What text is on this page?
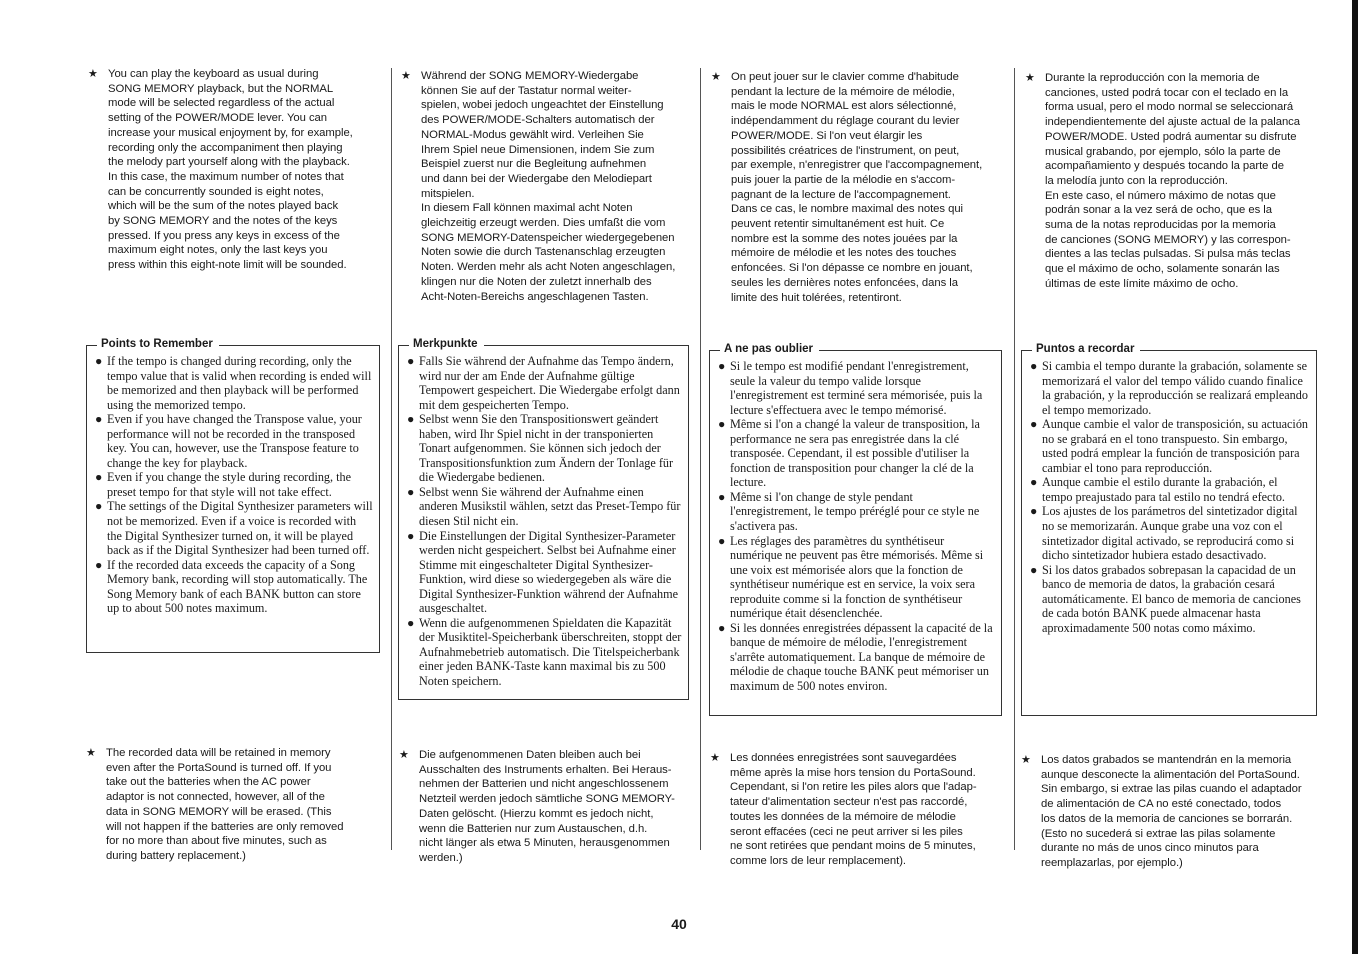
★ You can play the keyboard as usual during
SONG MEMORY playback, but the NORMAL
mode will be selected regardless of the actual
setting of the POWER/MODE lever. You can
increase your musical enjoyment by, for example,
recording only the accompaniment then playing
the melody part yourself along with the playback.
In this case, the maximum number of notes that
can be concurrently sounded is eight notes,
which will be the sum of the notes played back
by SONG MEMORY and the notes of the keys
pressed. If you press any keys in excess of the
maximum eight notes, only the last keys you
press within this eight-note limit will be sounded.

Points to Remember
● If the tempo is changed during recording, only the tempo value that is valid when recording is ended will be memorized and then playback will be performed using the memorized tempo.
● Even if you have changed the Transpose value, your performance will not be recorded in the transposed key. You can, however, use the Transpose feature to change the key for playback.
● Even if you change the style during recording, the preset tempo for that style will not take effect.
● The settings of the Digital Synthesizer parameters will not be memorized. Even if a voice is recorded with the Digital Synthesizer turned on, it will be played back as if the Digital Synthesizer had been turned off.
● If the recorded data exceeds the capacity of a Song Memory bank, recording will stop automatically. The Song Memory bank of each BANK button can store up to about 500 notes maximum.
★ The recorded data will be retained in memory
even after the PortaSound is turned off. If you
take out the batteries when the AC power
adaptor is not connected, however, all of the
data in SONG MEMORY will be erased. (This
will not happen if the batteries are only removed
for no more than about five minutes, such as
during battery replacement.)

★ Während der SONG MEMORY-Wiedergabe
können Sie auf der Tastatur normal weiter-
spielen, wobei jedoch ungeachtet der Einstellung
des POWER/MODE-Schalters automatisch der
NORMAL-Modus gewählt wird. Verleihen Sie
Ihrem Spiel neue Dimensionen, indem Sie zum
Beispiel zuerst nur die Begleitung aufnehmen
und dann bei der Wiedergabe den Melodiepart
mitspielen.
In diesem Fall können maximal acht Noten
gleichzeitig erzeugt werden. Dies umfaßt die vom
SONG MEMORY-Datenspeicher wiedergegebenen
Noten sowie die durch Tastenanschlag erzeugten
Noten. Werden mehr als acht Noten angeschlagen,
klingen nur die Noten der zuletzt innerhalb des
Acht-Noten-Bereichs angeschlagenen Tasten.

Merkpunkte
● Falls Sie während der Aufnahme das Tempo ändern, wird nur der am Ende der Aufnahme gültige Tempowert gespeichert. Die Wiedergabe erfolgt dann mit dem gespeicherten Tempo.
● Selbst wenn Sie den Transpositionswert geändert haben, wird Ihr Spiel nicht in der transponierten Tonart aufgenommen. Sie können sich jedoch der Transpositionsfunktion zum Ändern der Tonlage für die Wiedergabe bedienen.
● Selbst wenn Sie während der Aufnahme einen anderen Musikstil wählen, setzt das Preset-Tempo für diesen Stil nicht ein.
● Die Einstellungen der Digital Synthesizer-Parameter werden nicht gespeichert. Selbst bei Aufnahme einer Stimme mit eingeschalteter Digital Synthesizer-Funktion, wird diese so wiedergegeben als wäre die Digital Synthesizer-Funktion während der Aufnahme ausgeschaltet.
● Wenn die aufgenommenen Spieldaten die Kapazität der Musiktitel-Speicherbank überschreiten, stoppt der Aufnahmebetrieb automatisch. Die Titelspeicherbank einer jeden BANK-Taste kann maximal bis zu 500 Noten speichern.
★ Die aufgenommenen Daten bleiben auch bei
Ausschalten des Instruments erhalten. Bei Heraus-
nehmen der Batterien und nicht angeschlossenem
Netzteil werden jedoch sämtliche SONG MEMORY-
Daten gelöscht. (Hierzu kommt es jedoch nicht,
wenn die Batterien nur zum Austauschen, d.h.
nicht länger als etwa 5 Minuten, herausgenommen
werden.)

★ On peut jouer sur le clavier comme d'habitude
pendant la lecture de la mémoire de mélodie,
mais le mode NORMAL est alors sélectionné,
indépendamment du réglage courant du levier
POWER/MODE. Si l'on veut élargir les
possibilités créatrices de l'instrument, on peut,
par exemple, n'enregistrer que l'accompagnement,
puis jouer la partie de la mélodie en s'accom-
pagnant de la lecture de l'accompagnement.
Dans ce cas, le nombre maximal des notes qui
peuvent retentir simultanément est huit. Ce
nombre est la somme des notes jouées par la
mémoire de mélodie et les notes des touches
enfoncées. Si l'on dépasse ce nombre en jouant,
seules les dernières notes enfoncées, dans la
limite des huit tolérées, retentiront.

A ne pas oublier
● Si le tempo est modifié pendant l'enregistrement, seule la valeur du tempo valide lorsque l'enregistrement est terminé sera mémorisée, puis la lecture s'effectuera avec le tempo mémorisé.
● Même si l'on a changé la valeur de transposition, la performance ne sera pas enregistrée dans la clé transposée. Cependant, il est possible d'utiliser la fonction de transposition pour changer la clé de la lecture.
● Même si l'on change de style pendant l'enregistrement, le tempo préréglé pour ce style ne s'activera pas.
● Les réglages des paramètres du synthétiseur numérique ne peuvent pas être mémorisés. Même si une voix est mémorisée alors que la fonction de synthétiseur numérique est en service, la voix sera reproduite comme si la fonction de synthétiseur numérique était désenclenchée.
● Si les données enregistrées dépassent la capacité de la banque de mémoire de mélodie, l'enregistrement s'arrête automatiquement. La banque de mémoire de mélodie de chaque touche BANK peut mémoriser un maximum de 500 notes environ.
★ Les données enregistrées sont sauvegardées
même après la mise hors tension du PortaSound.
Cependant, si l'on retire les piles alors que l'adap-
tateur d'alimentation secteur n'est pas raccordé,
toutes les données de la mémoire de mélodie
seront effacées (ceci ne peut arriver si les piles
ne sont retirées que pendant moins de 5 minutes,
comme lors de leur remplacement).

★ Durante la reproducción con la memoria de
canciones, usted podrá tocar con el teclado en la
forma usual, pero el modo normal se seleccionará
independientemente del ajuste actual de la palanca
POWER/MODE. Usted podrá aumentar su disfrute
musical grabando, por ejemplo, sólo la parte de
acompañamiento y después tocando la parte de
la melodía junto con la reproducción.
En este caso, el número máximo de notas que
podrán sonar a la vez será de ocho, que es la
suma de la notas reproducidas por la memoria
de canciones (SONG MEMORY) y las correspon-
dientes a las teclas pulsadas. Si pulsa más teclas
que el máximo de ocho, solamente sonarán las
últimas de este límite máximo de ocho.

Puntos a recordar
● Si cambia el tempo durante la grabación, solamente se memorizará el valor del tempo válido cuando finalice la grabación, y la reproducción se realizará empleando el tempo memorizado.
● Aunque cambie el valor de transposición, su actuación no se grabará en el tono transpuesto. Sin embargo, usted podrá emplear la función de transposición para cambiar el tono para reproducción.
● Aunque cambie el estilo durante la grabación, el tempo preajustado para tal estilo no tendrá efecto.
● Los ajustes de los parámetros del sintetizador digital no se memorizarán. Aunque grabe una voz con el sintetizador digital activado, se reproducirá como si dicho sintetizador hubiera estado desactivado.
● Si los datos grabados sobrepasan la capacidad de un banco de memoria de datos, la grabación cesará automáticamente. El banco de memoria de canciones de cada botón BANK puede almacenar hasta aproximadamente 500 notas como máximo.
★ Los datos grabados se mantendrán en la memoria
aunque desconecte la alimentación del PortaSound.
Sin embargo, si extrae las pilas cuando el adaptador
de alimentación de CA no esté conectado, todos
los datos de la memoria de canciones se borrarán.
(Esto no sucederá si extrae las pilas solamente
durante no más de unos cinco minutos para
reemplazarlas, por ejemplo.)

40
